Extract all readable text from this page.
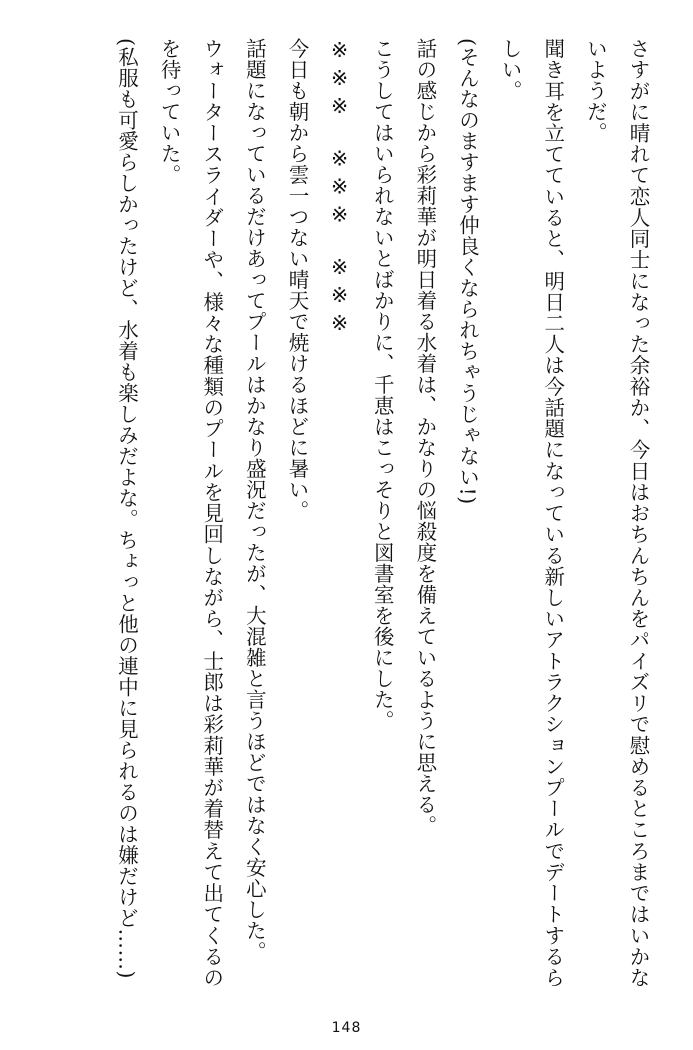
さすがに晴れて恋人同士になった余裕か、今日はおちんちんをパイズリで慰めるところまではいかないようだ。

聞き耳を立てていると、明日二人は今話題になっている新しいアトラクションプールでデートするらしい。

(そんなのますます仲良くなられちゃうじゃない!)

話の感じから彩莉華が明日着る水着は、かなりの悩殺度を備えているように思える。

こうしてはいられないとばかりに、千恵はこっそりと図書室を後にした。

※※※　※※※　※※※

今日も朝から雲一つない晴天で焼けるほどに暑い。

話題になっているだけあってプールはかなり盛況だったが、大混雑と言うほどではなく安心した。

ウォータースライダーや、様々な種類のプールを見回しながら、士郎は彩莉華が着替えて出てくるのを待っていた。

(私服も可愛らしかったけど、水着も楽しみだよな。ちょっと他の連中に見られるのは嫌だけど……)

148
